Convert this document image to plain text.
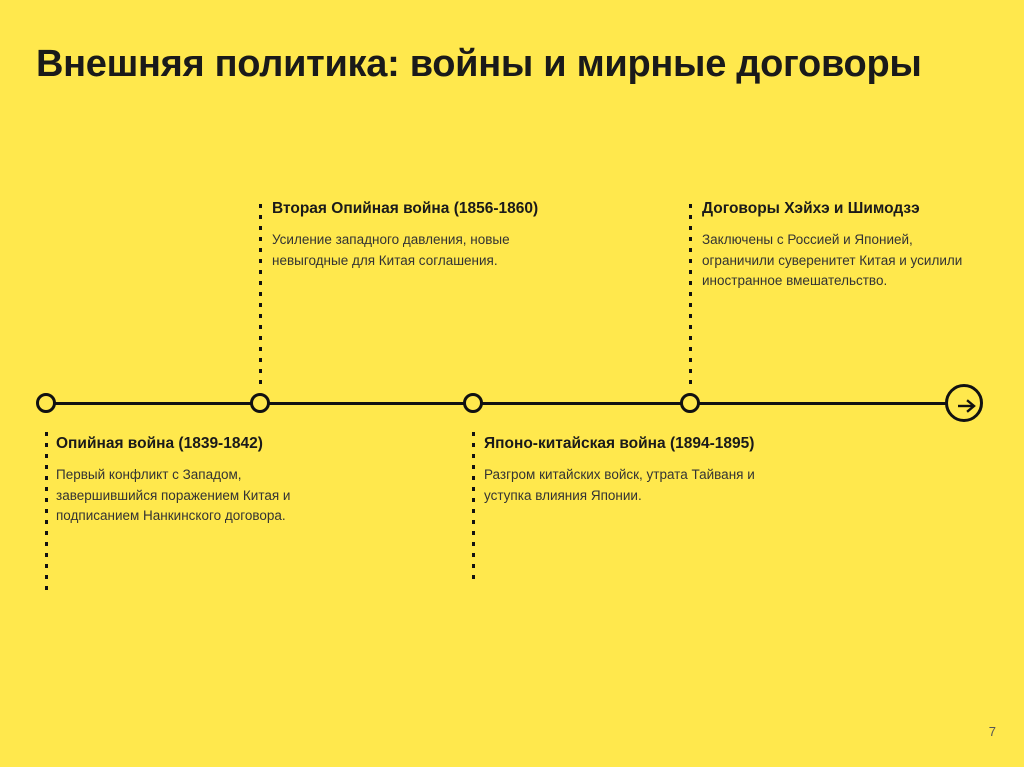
Внешняя политика: войны и мирные договоры

Вторая Опийная война (1856-1860)

Усиление западного давления, новые невыгодные для Китая соглашения.

Договоры Хэйхэ и Шимодзэ

Заключены с Россией и Японией, ограничили суверенитет Китая и усилили иностранное вмешательство.

Опийная война (1839-1842)

Первый конфликт с Западом, завершившийся поражением Китая и подписанием Нанкинского договора.

Японо-китайская война (1894-1895)

Разгром китайских войск, утрата Тайваня и уступка влияния Японии.

7
